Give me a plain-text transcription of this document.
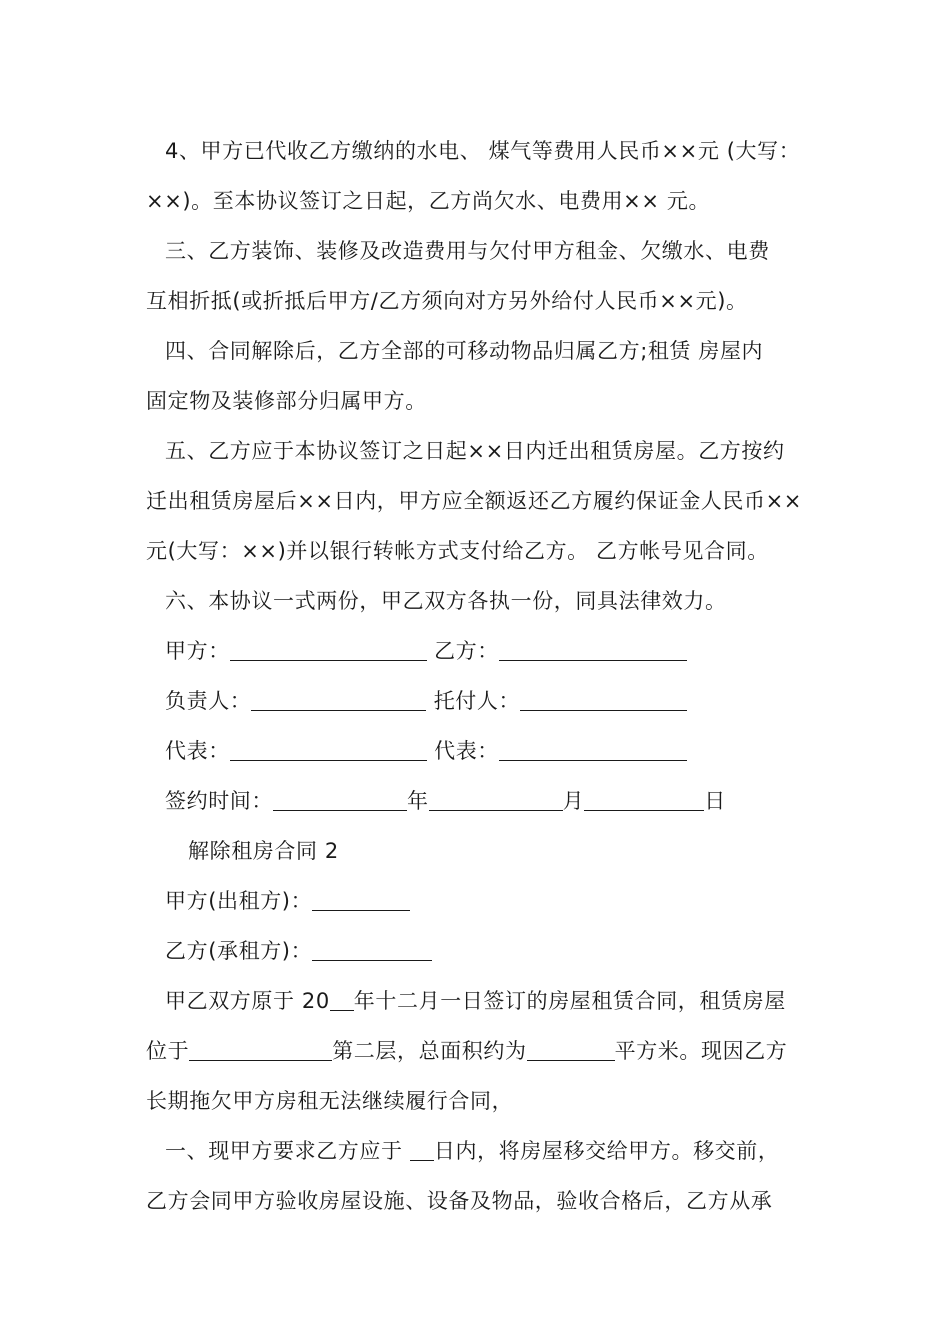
4、甲方已代收乙方缴纳的水电、 煤气等费用人民币××元 (大写：
××)。至本协议签订之日起，乙方尚欠水、电费用×× 元。
三、乙方装饰、装修及改造费用与欠付甲方租金、欠缴水、电费
互相折抵(或折抵后甲方/乙方须向对方另外给付人民币××元)。
四、合同解除后，乙方全部的可移动物品归属乙方;租赁 房屋内
固定物及装修部分归属甲方。
五、乙方应于本协议签订之日起××日内迁出租赁房屋。乙方按约
迁出租赁房屋后××日内，甲方应全额返还乙方履约保证金人民币××
元(大写：××)并以银行转帐方式支付给乙方。 乙方帐号见合同。
六、本协议一式两份，甲乙双方各执一份，同具法律效力。
甲方：	乙方：
负责人：	托付人：
代表：	代表：
签约时间：	年	月	日
解除租房合同 2
甲方(出租方)：
乙方(承租方)：
甲乙双方原于 20 年十二月一日签订的房屋租赁合同，租赁房屋
位于	第二层，总面积约为	平方米。现因乙方
长期拖欠甲方房租无法继续履行合同，
一、现甲方要求乙方应于 日内，将房屋移交给甲方。移交前，
乙方会同甲方验收房屋设施、设备及物品，验收合格后，乙方从承
